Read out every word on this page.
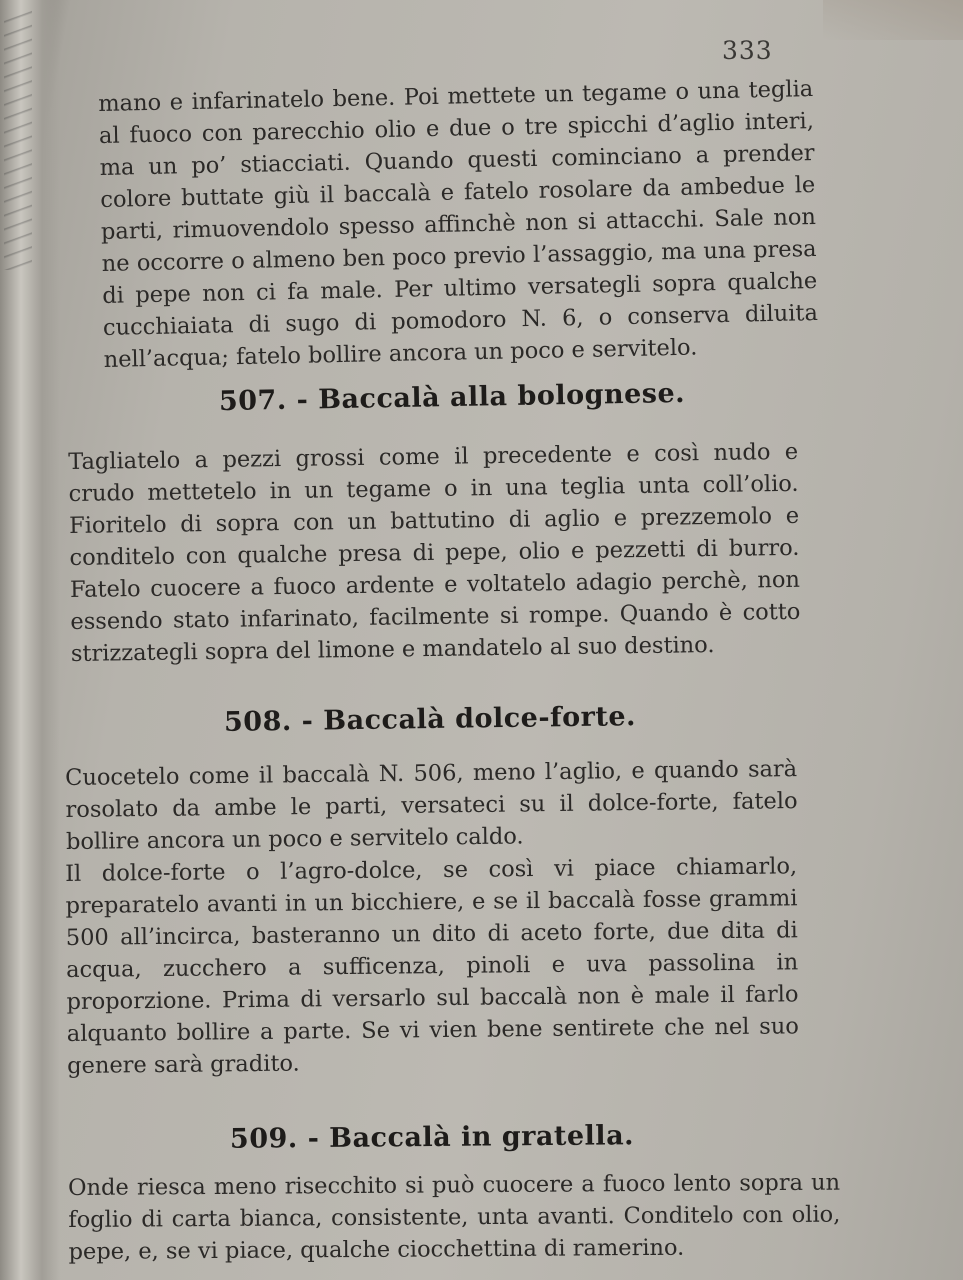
333
mano e infarinatelo bene. Poi mettete un tegame o una teglia al fuoco con parecchio olio e due o tre spicchi d’aglio interi, ma un po’ stiacciati. Quando questi cominciano a prender colore buttate giù il baccalà e fatelo rosolare da ambedue le parti, rimuovendolo spesso affinchè non si attacchi. Sale non ne occorre o almeno ben poco previo l’assaggio, ma una presa di pepe non ci fa male. Per ultimo versategli sopra qualche cucchiaiata di sugo di pomodoro N. 6, o conserva diluita nell’acqua; fatelo bollire ancora un poco e servitelo.
507. - Baccalà alla bolognese.
Tagliatelo a pezzi grossi come il precedente e così nudo e crudo mettetelo in un tegame o in una teglia unta coll’olio. Fioritelo di sopra con un battutino di aglio e prezzemolo e conditelo con qualche presa di pepe, olio e pezzetti di burro. Fatelo cuocere a fuoco ardente e voltatelo adagio perchè, non essendo stato infarinato, facilmente si rompe. Quando è cotto strizzategli sopra del limone e mandatelo al suo destino.
508. - Baccalà dolce-forte.
Cuocetelo come il baccalà N. 506, meno l’aglio, e quando sarà rosolato da ambe le parti, versateci su il dolce-forte, fatelo bollire ancora un poco e servitelo caldo.
Il dolce-forte o l’agro-dolce, se così vi piace chiamarlo, preparatelo avanti in un bicchiere, e se il baccalà fosse grammi 500 all’incirca, basteranno un dito di aceto forte, due dita di acqua, zucchero a sufficenza, pinoli e uva passolina in proporzione. Prima di versarlo sul baccalà non è male il farlo alquanto bollire a parte. Se vi vien bene sentirete che nel suo genere sarà gradito.
509. - Baccalà in gratella.
Onde riesca meno risecchito si può cuocere a fuoco lento sopra un foglio di carta bianca, consistente, unta avanti. Conditelo con olio, pepe, e, se vi piace, qualche ciocchettina di ramerino.
